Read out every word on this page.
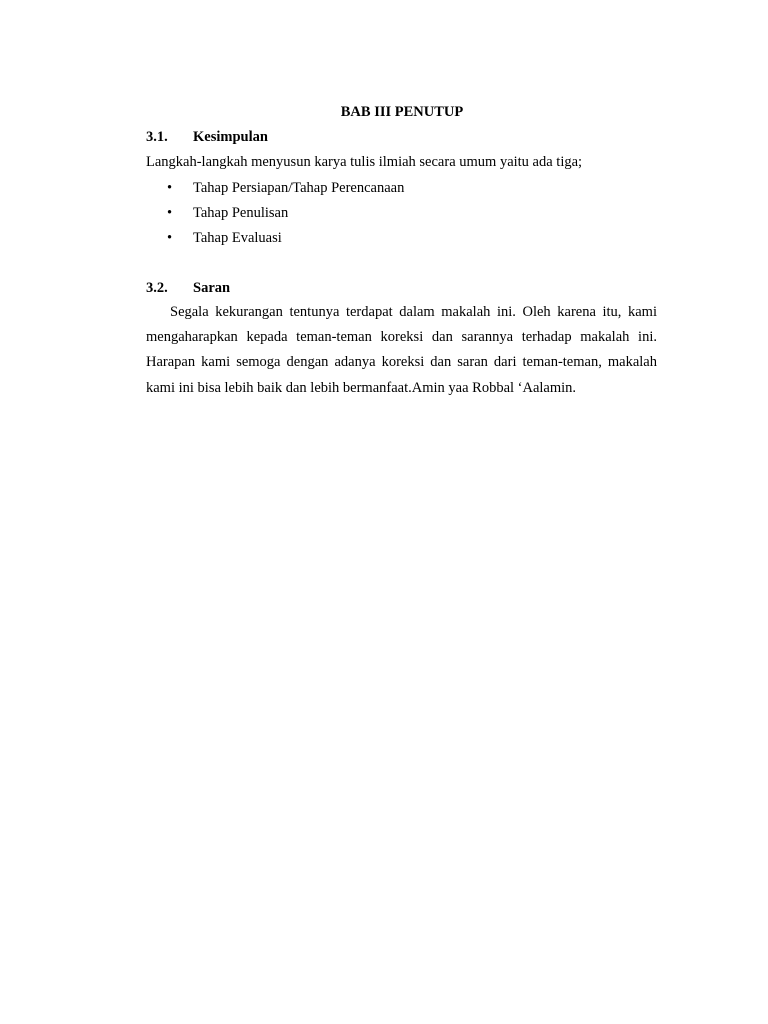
BAB III PENUTUP
3.1. Kesimpulan
Langkah-langkah menyusun karya tulis ilmiah secara umum yaitu ada tiga;
• Tahap Persiapan/Tahap Perencanaan
• Tahap Penulisan
• Tahap Evaluasi
3.2. Saran

Segala kekurangan tentunya terdapat dalam makalah ini. Oleh karena itu, kami mengaharapkan kepada teman-teman koreksi dan sarannya terhadap makalah ini. Harapan kami semoga dengan adanya koreksi dan saran dari teman-teman, makalah kami ini bisa lebih baik dan lebih bermanfaat.Amin yaa Robbal ‘Aalamin.
